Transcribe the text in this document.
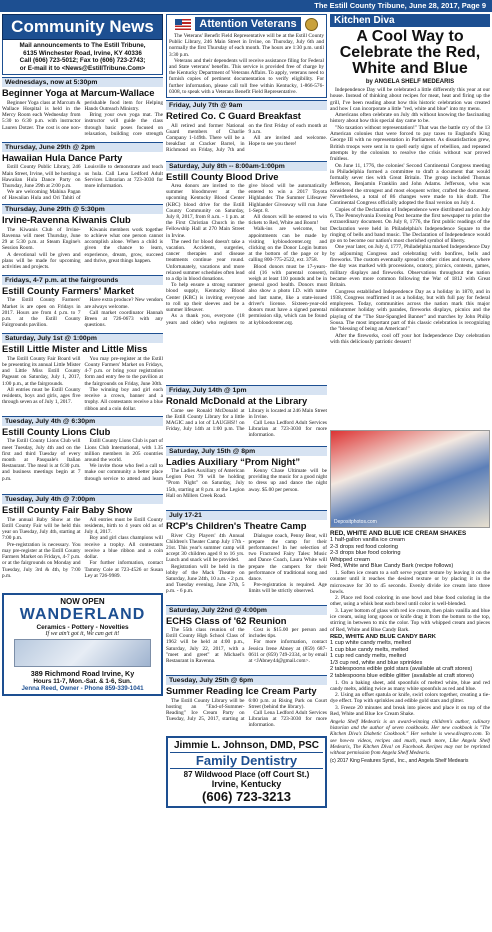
The Estill County Tribune, June 28, 2017, Page 9
Community News
Mail announcements to The Estill Tribune,
6135 Winchester Road, Irvine, KY 40336
Call (606) 723-5012; Fax to (606) 723-2743;
or E-mail it to <News@EstillTribune.Com>
Wednesdays, now at 5:30pm
Beginner Yoga at Marcum-Wallace

Beginner Yoga class at Marcum & Wallace Hospital is held in the Mercy Room each Wednesday from 5:30 to 6:30 p.m. with instructor Lauren Dotzer. The cost is one non-perishable food item for Helping Hands Outreach Ministry.

Bring your own yoga mat. The instructor will guide the class through basic poses focused on relaxation, building core strength

Thursday, June 29th @ 2pm
Hawaiian Hula Dance Party

Estill County Public Library, 246 Main Street, Irvine, will be hosting a Hawaiian Hula Dance Party on Thursday, June 29th at 2:00 p.m.

We are welcoming Mahina Pagan of Hawaiian Hula and Ori Tahiti of Louisville to demonstrate and teach us hula. Call Lena Ledford Adult Services Librarian at 723-3030 for more information.

Thursday, June 29th @ 5:30pm
Irvine-Ravenna Kiwanis Club

The Kiwanis Club of Irvine-Ravenna will meet Thursday, June 29 at 5:30 p.m. at Steam Engine's Session Room.

A devotional will be given and plans will be made for upcoming activities and projects.

Kiwanis members work together to achieve what one person cannot accomplish alone. When a child is given the chance to learn, experience, dream, grow, succeed and thrive, great things happen.

Fridays, 4-7 p.m. at the fairgrounds
Estill County Farmers' Market

The Estill County Farmers' Market is are open on Fridays in 2017. Hours are from 4 p.m. to 7 p.m. at the Estill County Fairgrounds pavilion.

Have extra produce? New vendors are always welcome.

Call market coordinator Hannah Breen at 726-0673 with any questions.

Saturday, July 1st @ 1:00pm
Estill Little Mister and Little Miss

The Estill County Fair Board will be presenting its annual Little Mister and Little Miss Estill County Pageant on Saturday, July 1, 2017, 1:00 p.m., at the fairgrounds.

All entries must be Estill County residents, boys and girls, ages five through seven as of July 1, 2017.

You may pre-register at the Estill County Farmers' Market on Fridays, 4-7 p.m. or bring your registration form and entry fee to the pavilion at the fairgrounds on Friday, June 30th.

The winning boy and girl each receive a crown, banner and a trophy. All contestants receive a blue ribbon and a coin dollar.

Tuesday, July 4th @ 6:30pm
Estill County Lions Club

The Estill County Lions Club will meet Tuesday, July 4th and on the first and third Tuesday of every month at Pasquale's Italian Restaurant. The meal is at 6:30 p.m. and business meetings begin at 7 p.m.

Estill County Lions Club is part of Lions Club International, with 1.35 million members in 205 countries around the world.

We invite those who feel a call to make our community a better place through service to attend and learn

Tuesday, July 4th @ 7:00pm
Estill County Fair Baby Show

The annual Baby Show at the Estill County Fair will be held this year on Tuesday, July 4th, starting at 7:00 p.m.

Pre-registration is necessary. You may pre-register at the Estill County Farmers Market on Fridays, 4-7 p.m. or at the fairgrounds on Monday and Tuesday, July 3rd & 4th, by 7:00 p.m.

All entries must be Estill County residents, birth to 4 years old as of July 4, 2017.

Boy and girl class champions will receive a trophy. All contestants receive a blue ribbon and a coin dollar.

For further information, contact Tammy Cole at 723-4526 or Susan Ley at 726-9989.

NOW OPEN
WANDERLAND
Ceramics - Pottery - Novelties
If we ain't got it, We can get it!
389 Richmond Road Irvine, Ky
Hours 11-7, Mon.-Sat. & 1-6, Sun.
Jenna Reed, Owner - Phone 859-339-1041
Attention Veterans

The Veterans' Benefit Field Representative will be at the Estill County Public Library, 246 Main Street in Irvine, on Thursday, July 6th and normally the first Thursday of each month. The hours are 1:30 p.m. until 3:30 p.m.

Veterans and their dependents will receive assistance filing for Federal and State veterans' benefits. This service is provided free of charge by the Kentucky Department of Veterans Affairs. To apply, veterans need to furnish copies of pertinent documentation to verify eligibility. For further information, please call toll free within Kentucky, 1-866-576-0308, to speak with a Veterans Benefit Field Representative.

Friday, July 7th @ 9am
Retired Co. C Guard Breakfast

All retired and former National Guard members of Charlie Company 1-149th. There will be a breakfast at Cracker Barrel, in Richmond on Friday, July 7th and on the first Friday of each month at 9 a.m.

All are invited and welcome. Hope to see you there!

Saturday, July 8th -- 8:00am-1:00pm
Estill County Blood Drive

Area donors are invited to the summer bloodmover at the upcoming Kentucky Blood Center (KBC) blood drive for the Estill County Community on Saturday, July 8, 2017, from 8 a.m. - 1 p.m. at the First Christian Church in the Fellowship Hall at 270 Main Street in Irvine.

The need for blood doesn't take a vacation. Accidents, surgeries, cancer therapies and disease treatments continue year round. Unfortunately, vacations and more relaxed summer schedules often lead to a dip in blood donations.

To help ensure a strong summer blood supply, Kentucky Blood Center (KBC) is inviting everyone to roll up their sleeves and be a summer lifesaver.

As a thank you, everyone (18 years and older) who registers to give blood will be automatically entered to win a 2017 Toyota Highlander. The Summer Lifesaver Highlander Giveaway will run June 1-Sept. 8.

All donors will be entered to win tickets to Red, White and Boom!

Walk-ins are welcome, but appointments can be made by visiting kybloodcenter.org and clicking on the Donor Login button at the bottom of the page or by calling 800-775-2522, ext. 3758.

Blood donors must be 17-years-old (16 with parental consent), weigh at least 110 pounds and be in general good health. Donors must also show a photo I.D. with name and last name, like a state-issued driver's license. Sixteen-year-old donors must have a signed parental permission slip, which can be found at kybloodcenter.org.

Friday, July 14th @ 1pm
Ronald McDonald at the Library

Come see Ronald McDonald at the Estill County Library for a little MAGIC and a lot of LAUGHS!! on Friday, July 14th at 1:00 p.m. The Library is located at 246 Main Street in Irvine.

Call Lena Ledford Adult Services Librarian at 723-3030 for more information.

Saturday, July 15th @ 8pm
Ladies Auxiliary “Prom Night”

The Ladies Auxiliary of American Legion Post 79 will be holding "Prom Night" on Saturday, July 15th, starting at 8 p.m. at the Legion Hall on Millers Creek Road.

Kenny Chase Ultimate will be providing the music for a good night to dress up and dance the night away. $5.00 per person.

July 17-21
RCP's Children's Theatre Camp

River City Players' 4th Annual Children's Theater Camp July 17th - 21st. This year's summer camp will accept 30 children aged 8 to 16 yrs. Lunch and snack will be provided.

Registration will be held in the lobby of the Mack Theatre on Saturday, June 24th, 10 a.m. - 2 p.m. and Tuesday evening, June 27th, 5 p.m. - 6 p.m.

Dialogue coach, Penny Bear, will prepare the camp for their performances! In her selection of two Fractured Fairy Tales: Music and Dance Coach, Laura White will prepare the campers for their performance of traditional song and dance.

Pre-registration is required. Age limits will be strictly observed.

Saturday, July 22nd @ 4:00pm
ECHS Class of '62 Reunion

The 55th class reunion of the Estill County High School Class of 1962 will be held at 4:00 p.m., Saturday, July 22, 2017, with a "meet and greet" at Michael's Restaurant in Ravenna.

Cost is $15.00 per person and includes tips.

For more information, contact Jessica Irene Abney at (859) 687-0611 or (859) 749-2334, or by email at <JAbney44@gmail.com>.

Tuesday, July 25th @ 6pm
Summer Reading Ice Cream Party

The Estill County Library will be hosting an "End-of-Summer-Reading" Ice Cream Party on Tuesday, July 25, 2017, starting at 6:00 p.m. at Rising Park on Court Street (behind the library).

Call Lena Ledford Adult Services Librarian at 723-3030 for more information.

Jimmie L. Johnson, DMD, PSC
Family Dentistry
87 Wildwood Place (off Court St.)
Irvine, Kentucky
(606) 723-3213
Kitchen Diva
A Cool Way to Celebrate the Red, White and Blue
by ANGELA SHELF MEDEARIS

Independence Day will be celebrated a little differently this year at our house. Instead of thinking about recipes for meat, heat and firing up the grill, I've been reading about how this historic celebration was created and how I can incorporate a little "red, white and blue" into my menu.

Americans often celebrate on July 4th without knowing the fascinating history about how this special day came to be.

"No taxation without representation!" That was the battle cry of the 13 American colonies that were forced to pay taxes to England's King George III with no representation in Parliament. As dissatisfaction grew, British troops were sent in to quell early signs of rebellion, and repeated attempts by the colonists to resolve the crisis without war proved fruitless.

On June 11, 1776, the colonies' Second Continental Congress meeting in Philadelphia formed a committee to draft a document that would formally sever ties with Great Britain. The group included Thomas Jefferson, Benjamin Franklin and John Adams. Jefferson, who was considered the strongest and most eloquent writer, crafted the document. Nevertheless, a total of 86 changes were made to his draft. The Continental Congress officially adopted the final version on July 4.

Copies of the Declaration of Independence were distributed and on July 6, The Pennsylvania Evening Post became the first newspaper to print the extraordinary document. On July 8, 1776, the first public readings of the Declaration were held in Philadelphia's Independence Square to the ringing of bells and band music. The Declaration of Independence would go on to become our nation's most cherished symbol of liberty.

One year later, on July 4, 1777, Philadelphia marked Independence Day by adjourning Congress and celebrating with bonfires, bells and fireworks. The custom eventually spread to other cities and towns, where the day was marked with processions, oratory, picnics, contests, games, military displays and fireworks. Observations throughout the nation became even more common following the War of 1812 with Great Britain.

Congress established Independence Day as a holiday in 1870, and in 1938, Congress reaffirmed it as a holiday, but with full pay for federal employees. Today, communities across the nation mark this major midsummer holiday with parades, fireworks displays, picnics and the playing of the "The Star-Spangled Banner" and marches by John Philip Sousa. The most important part of this classic celebration is recognizing the "blessing of being an American!"

After the fireworks, cool off your hot Independence Day celebration with this deliciously patriotic dessert!

Depositphotos.com
RED, WHITE AND BLUE ICE CREAM SHAKES
1 half-gallon vanilla ice cream
2-3 drops red food coloring
2-3 drops blue food coloring
Whipped cream
Red, White and Blue Candy Bark (recipe follows)

1. Soften ice cream to a soft serve yogurt texture by leaving it on the counter until it reaches the desired texture or by placing it in the microwave for 30 to 45 seconds. Evenly divide ice cream into three bowls.

2. Place red food coloring in one bowl and blue food coloring in the other, using a whisk beat each bowl until color is well-blended.

3. Layer bottom of glass with red ice cream, then plain vanilla and blue ice cream, using long spoon or knife drag it from the bottom to the top, stirring in between to mix the color. Top with whipped cream and pieces of Red, White and Blue Candy Bark.

RED, WHITE AND BLUE CANDY BARK
1 cup white candy melts, melted
1 cup blue candy melts, melted
1 cup red candy melts, melted
1/3 cup red, white and blue sprinkles
2 tablespoons edible gold stars (available at craft stores)
2 tablespoons blue edible glitter (available at craft stores)

1. On a baking sheet, add spoonfuls of melted white, blue and red candy melts, adding twice as many white spoonfuls as red and blue.

2. Using an offset spatula or knife, swirl colors together, creating a tie-dye effect. Top with sprinkles and edible gold stars and glitter.

3. Freeze 20 minutes and break into pieces and place it on top of the Red, White and Blue Ice Cream Shake.

Angela Shelf Medearis is an award-winning children's author, culinary historian and the author of seven cookbooks. Her new cookbook is "The Kitchen Diva's Diabetic Cookbook." Her website is www.divapro.com. To see how-to videos, recipes and much, much more, Like Angela Shelf Medearis, The Kitchen Diva! on Facebook. Recipes may not be reprinted without permission from Angela Shelf Medearis.
(c) 2017 King Features Synd., Inc., and Angela Shelf Medearis
